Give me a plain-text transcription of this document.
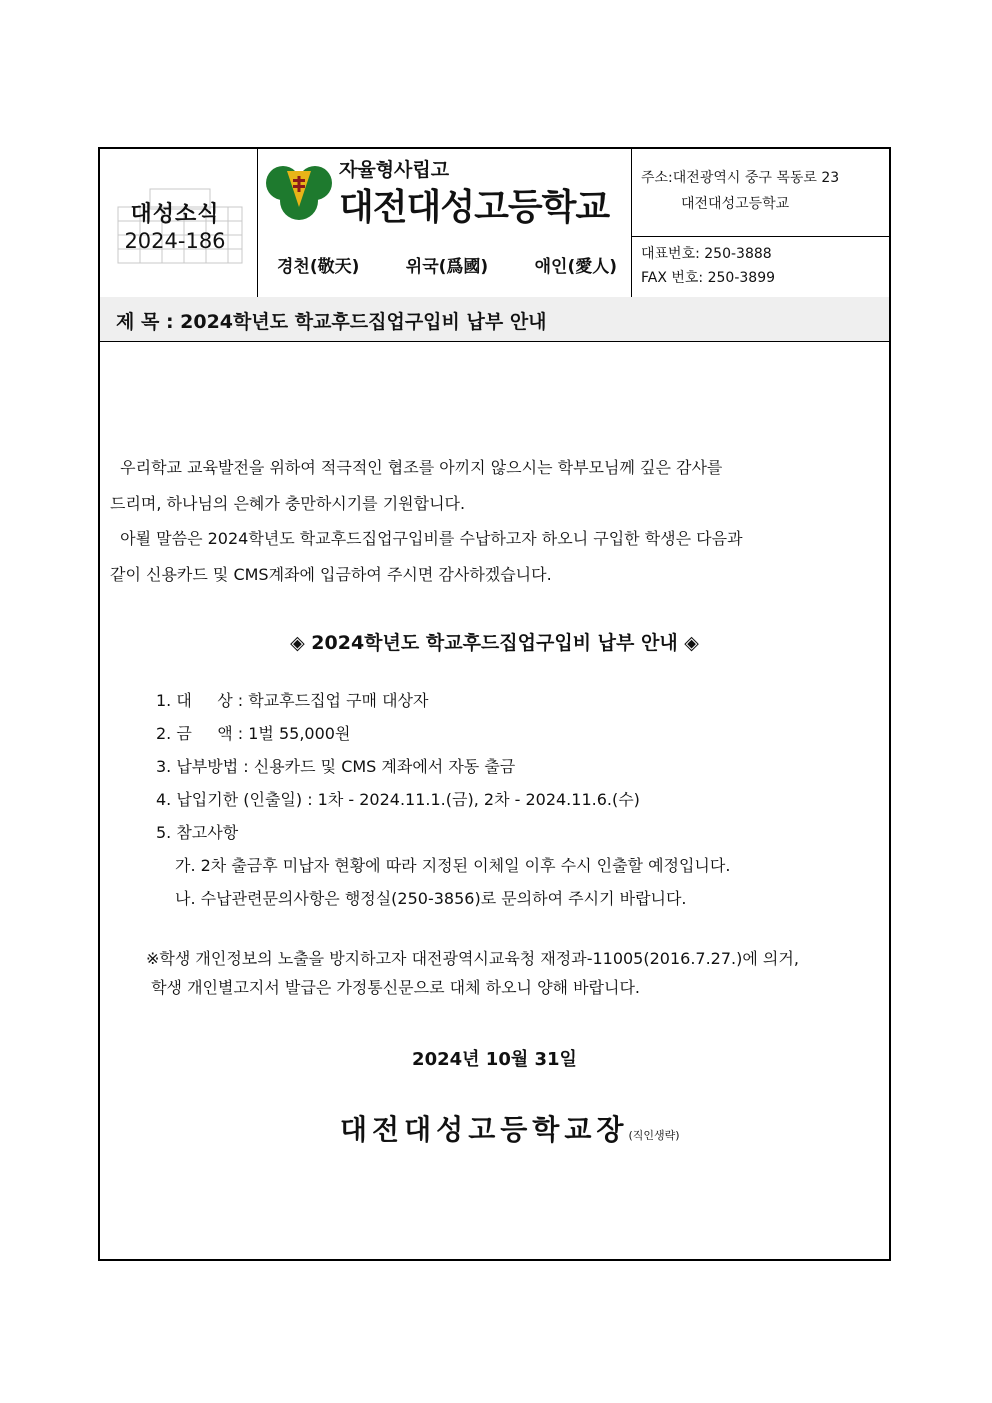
대성소식
2024-186
자율형사립고
대전대성고등학교
경천(敬天)	위국(爲國)	애인(愛人)
주소:대전광역시 중구 목동로 23
대전대성고등학교
대표번호: 250-3888
FAX 번호: 250-3899
제 목 : 2024학년도 학교후드집업구입비 납부 안내
우리학교 교육발전을 위하여 적극적인 협조를 아끼지 않으시는 학부모님께 깊은 감사를
드리며, 하나님의 은혜가 충만하시기를 기원합니다.
아뢸 말씀은 2024학년도 학교후드집업구입비를 수납하고자 하오니 구입한 학생은 다음과
같이 신용카드 및 CMS계좌에 입금하여 주시면 감사하겠습니다.
◈ 2024학년도 학교후드집업구입비 납부 안내 ◈
1. 대     상 : 학교후드집업 구매 대상자
2. 금     액 : 1벌 55,000원
3. 납부방법 : 신용카드 및 CMS 계좌에서 자동 출금
4. 납입기한 (인출일) : 1차 - 2024.11.1.(금), 2차 - 2024.11.6.(수)
5. 참고사항
가. 2차 출금후 미납자 현황에 따라 지정된 이체일 이후 수시 인출할 예정입니다.
나. 수납관련문의사항은 행정실(250-3856)로 문의하여 주시기 바랍니다.
※학생 개인정보의 노출을 방지하고자 대전광역시교육청 재정과-11005(2016.7.27.)에 의거,
학생 개인별고지서 발급은 가정통신문으로 대체 하오니 양해 바랍니다.
2024년 10월 31일
대전대성고등학교장(직인생략)
